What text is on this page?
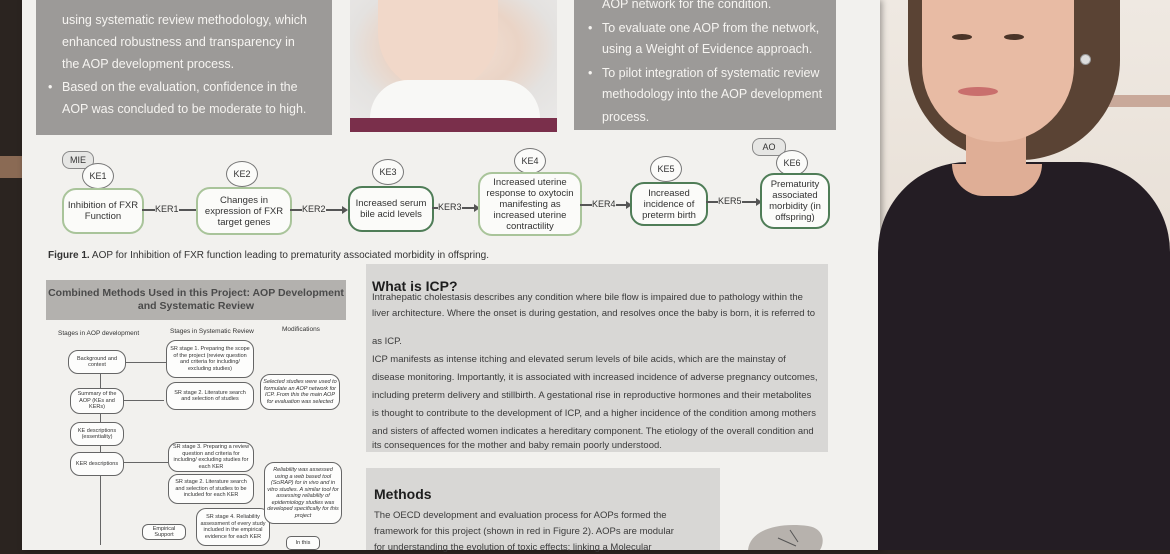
using systematic review methodology, which
enhanced robustness and transparency in
the AOP development process.
• Based on the evaluation, confidence in the
AOP was concluded to be moderate to high.
AOP network for the condition.
• To evaluate one AOP from the network,
using a Weight of Evidence approach.
• To pilot integration of systematic review
methodology into the AOP development
process.
MIE
KE1
Inhibition of FXR Function
KER1
KE2
Changes in expression of FXR target genes
KER2
KE3
Increased serum bile acid levels
KER3
KE4
Increased uterine response to oxytocin manifesting as increased uterine contractility
KER4
KE5
Increased incidence of preterm birth
KER5
AO
KE6
Prematurity associated morbidity (in offspring)
Figure 1. AOP for Inhibition of FXR function leading to prematurity associated morbidity in offspring.
Combined Methods Used in this Project: AOP Development and Systematic Review
Stages in AOP development	Stages in Systematic Review	Modifications
Background and context
Summary of the AOP (KEs and KERs)
KE descriptions (essentiality)
KER descriptions
SR stage 1. Preparing the scope of the project (review question and criteria for including/ excluding studies)
SR stage 2. Literature search and selection of studies
SR stage 3. Preparing a review question and criteria for including/ excluding studies for each KER
SR stage 2. Literature search and selection of studies to be included for each KER
SR stage 4. Reliability assessment of every study included in the empirical evidence for each KER
Selected studies were used to formulate an AOP network for ICP. From this the main AOP for evaluation was selected
Reliability was assessed using a web based tool (SciRAP) for in vivo and in vitro studies. A similar tool for assessing reliability of epidemiology studies was developed specifically for this project
Empirical Support
In this
What is ICP?
Intrahepatic cholestasis describes any condition where bile flow is impaired due to pathology within the
liver architecture. Where the onset is during gestation, and resolves once the baby is born, it is referred to
as ICP.
ICP manifests as intense itching and elevated serum levels of bile acids, which are the mainstay of
disease monitoring. Importantly, it is associated with increased incidence of adverse pregnancy outcomes,
including preterm delivery and stillbirth. A gestational rise in reproductive hormones and their metabolites
is thought to contribute to the development of ICP, and a higher incidence of the condition among mothers
and sisters of affected women indicates a hereditary component. The etiology of the overall condition and
its consequences for the mother and baby remain poorly understood.
Methods
The OECD development and evaluation process for AOPs formed the
framework for this project (shown in red in Figure 2). AOPs are modular
for understanding the evolution of toxic effects; linking a Molecular
